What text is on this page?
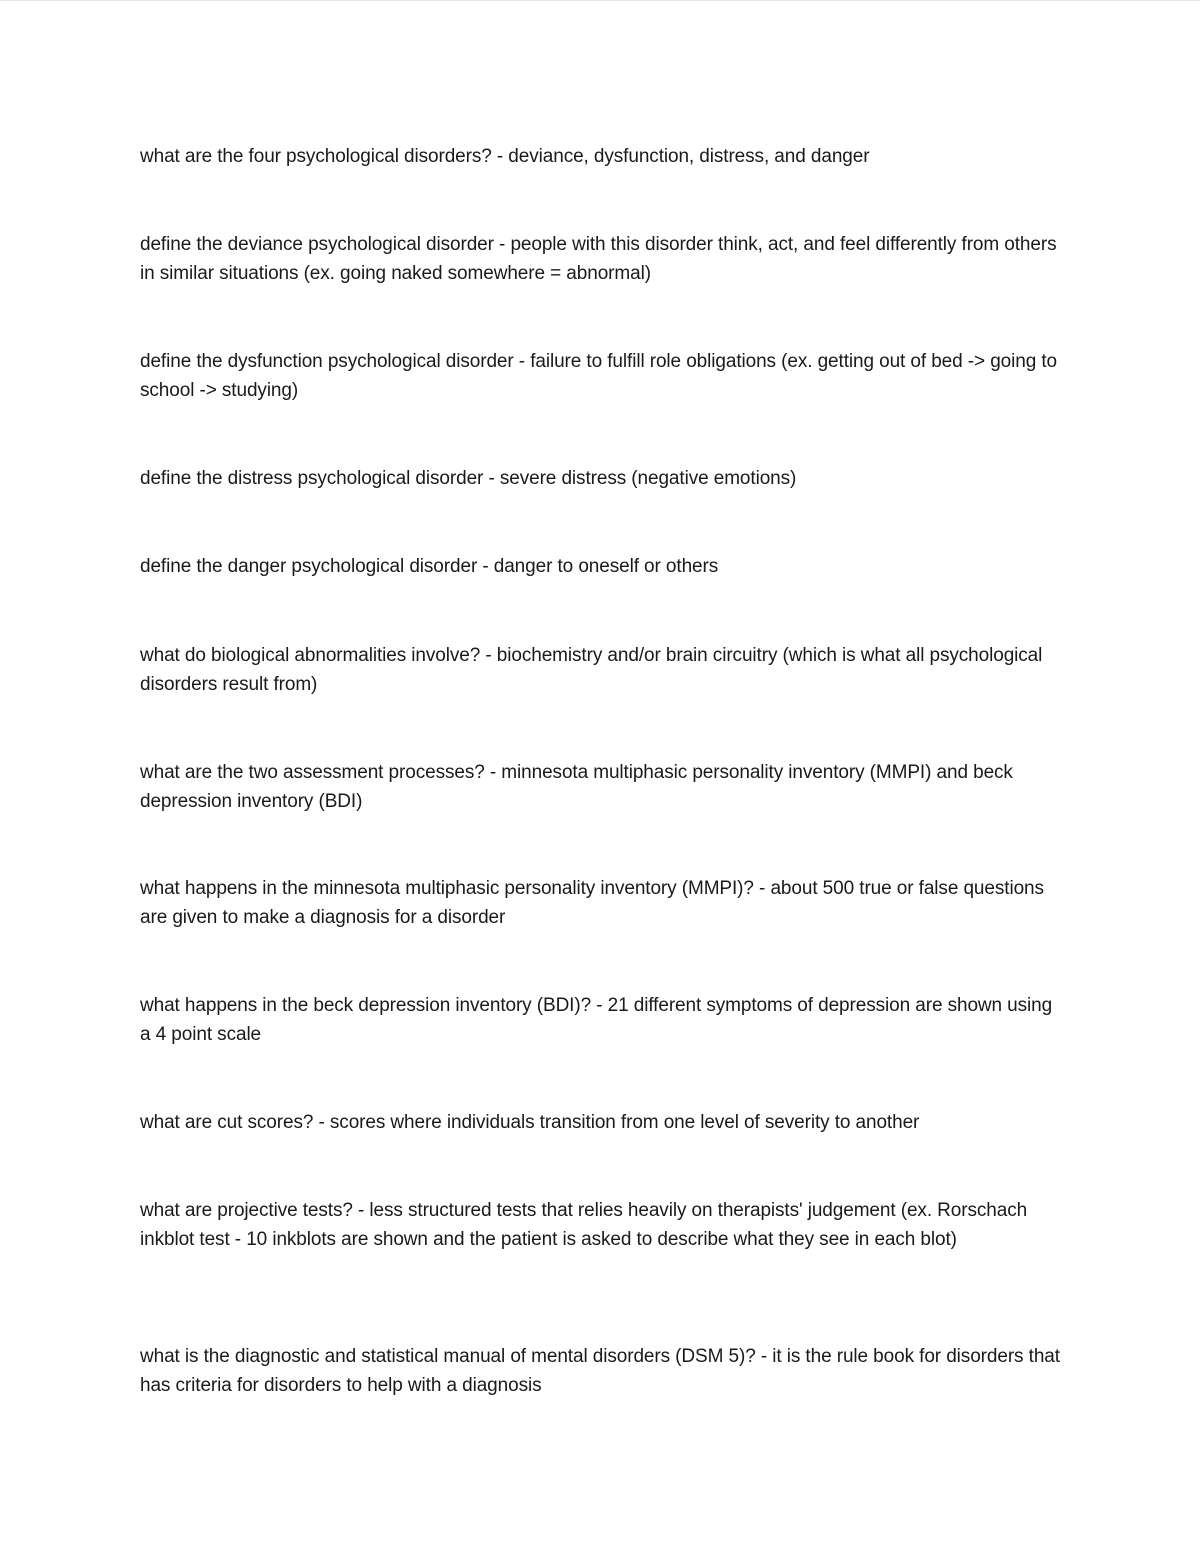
what are the four psychological disorders? - deviance, dysfunction, distress, and danger

define the deviance psychological disorder - people with this disorder think, act, and feel differently from others in similar situations (ex. going naked somewhere = abnormal)

define the dysfunction psychological disorder - failure to fulfill role obligations (ex. getting out of bed -> going to school -> studying)

define the distress psychological disorder - severe distress (negative emotions)

define the danger psychological disorder - danger to oneself or others

what do biological abnormalities involve? - biochemistry and/or brain circuitry (which is what all psychological disorders result from)

what are the two assessment processes? - minnesota multiphasic personality inventory (MMPI) and beck depression inventory (BDI)

what happens in the minnesota multiphasic personality inventory (MMPI)? - about 500 true or false questions are given to make a diagnosis for a disorder

what happens in the beck depression inventory (BDI)? - 21 different symptoms of depression are shown using a 4 point scale

what are cut scores? - scores where individuals transition from one level of severity to another

what are projective tests? - less structured tests that relies heavily on therapists' judgement (ex. Rorschach inkblot test - 10 inkblots are shown and the patient is asked to describe what they see in each blot)

what is the diagnostic and statistical manual of mental disorders (DSM 5)? - it is the rule book for disorders that has criteria for disorders to help with a diagnosis
